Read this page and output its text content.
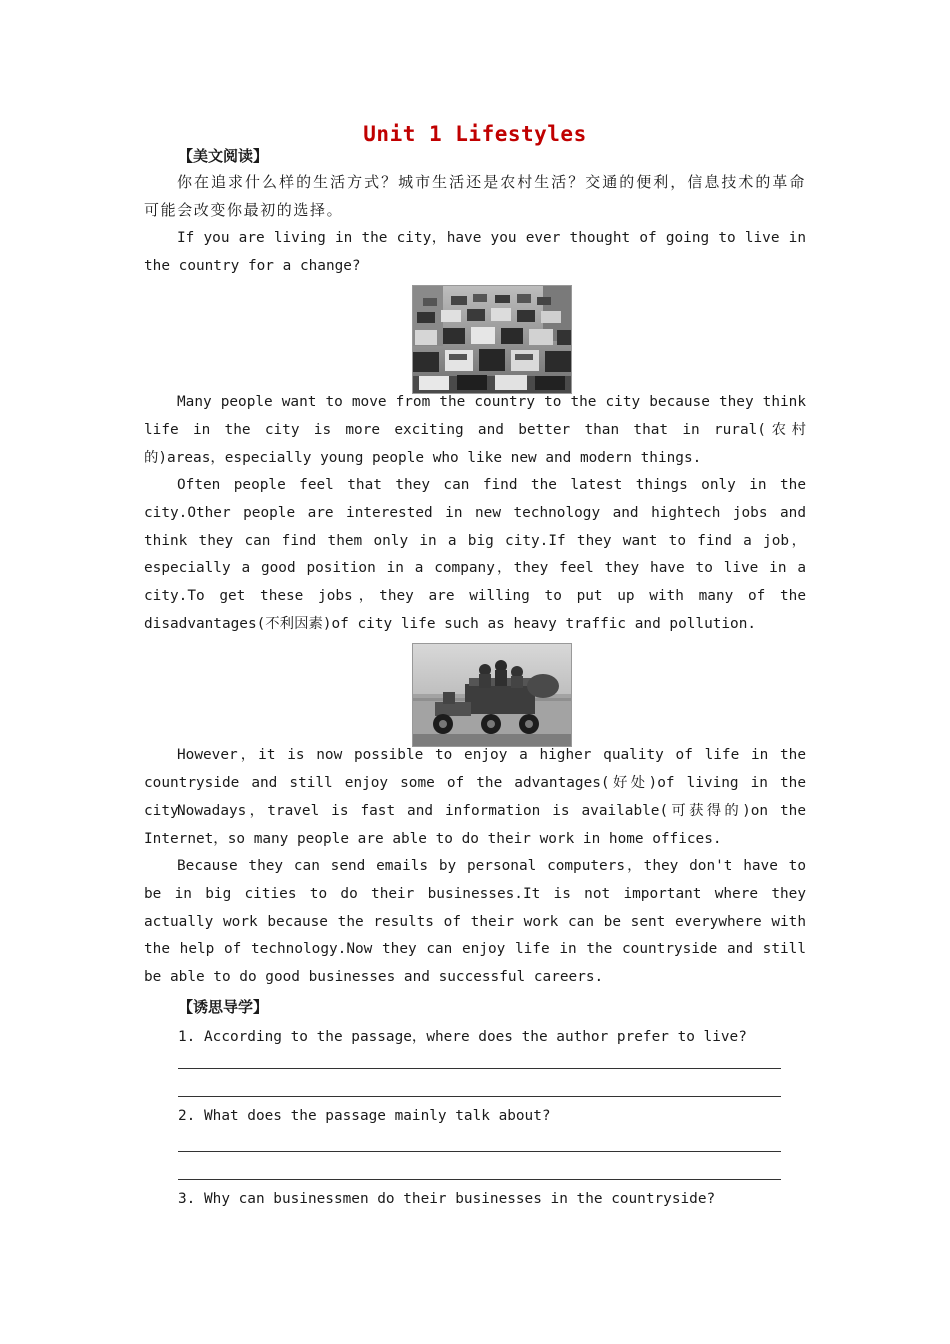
Unit 1 Lifestyles
【美文阅读】

你在追求什么样的生活方式？城市生活还是农村生活？交通的便利，信息技术的革命可能会改变你最初的选择。

If you are living in the city，have you ever thought of going to live in the country for a change?

Many people want to move from the country to the city because they think life in the city is more exciting and better than that in rural(农村的)areas，especially young people who like new and modern things.

Often people feel that they can find the latest things only in the city.Other people are interested in new technology and hightech jobs and think they can find them only in a big city.If they want to find a job，especially a good position in a company，they feel they have to live in a city.To get these jobs，they are willing to put up with many of the disadvantages(不利因素)of city life such as heavy traffic and pollution.

However，it is now possible to enjoy a higher quality of life in the countryside and still enjoy some of the advantages(好处)of living in the city.

Nowadays，travel is fast and information is available(可获得的)on the Internet，so many people are able to do their work in home offices.

Because they can send emails by personal computers，they don't have to be in big cities to do their businesses.It is not important where they actually work because the results of their work can be sent everywhere with the help of technology.Now they can enjoy life in the countryside and still be able to do good businesses and successful careers.

【诱思导学】

1. According to the passage，where does the author prefer to live?

2. What does the passage mainly talk about?

3. Why can businessmen do their businesses in the countryside?
